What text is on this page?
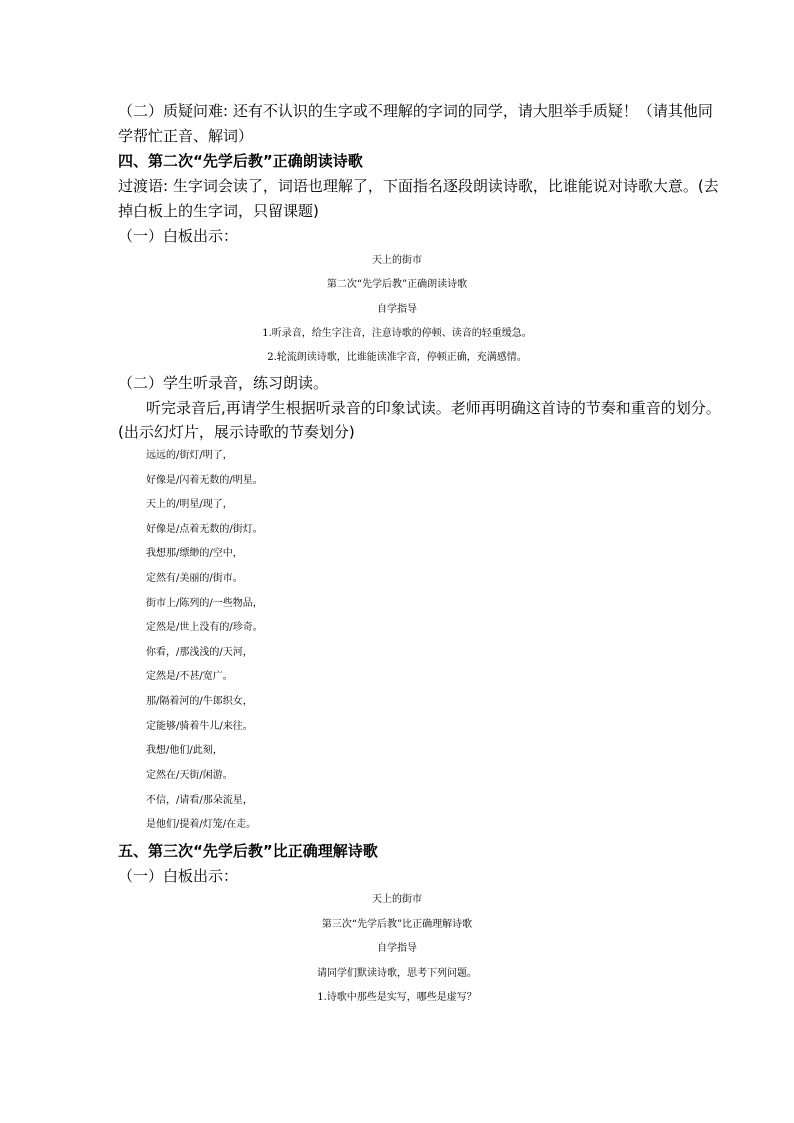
（二）质疑问难: 还有不认识的生字或不理解的字词的同学，请大胆举手质疑！（请其他同
学帮忙正音、解词）
四、第二次“先学后教”正确朗读诗歌
过渡语: 生字词会读了，词语也理解了，下面指名逐段朗读诗歌，比谁能说对诗歌大意。(去
掉白板上的生字词，只留课题)
（一）白板出示：
天上的街市
第二次“先学后教”正确朗读诗歌
自学指导
1.听录音，给生字注音，注意诗歌的停顿、读音的轻重缓急。
2.轮流朗读诗歌，比谁能读准字音，停顿正确，充满感情。
（二）学生听录音，练习朗读。
听完录音后,再请学生根据听录音的印象试读。老师再明确这首诗的节奏和重音的划分。
(出示幻灯片，展示诗歌的节奏划分)
远远的/街灯/明了，
好像是/闪着无数的/明星。
天上的/明星/现了，
好像是/点着无数的/街灯。
我想那/缥缈的/空中，
定然有/美丽的/街市。
街市上/陈列的/一些物品，
定然是/世上没有的/珍奇。
你看，/那浅浅的/天河，
定然是/不甚/宽广。
那/隔着河的/牛郎织女，
定能够/骑着牛儿/来往。
我想/他们/此刻，
定然在/天街/闲游。
不信，/请看/那朵流星，
是他们/提着/灯笼/在走。
五、第三次“先学后教”比正确理解诗歌
（一）白板出示：
天上的街市
第三次“先学后教”比正确理解诗歌
自学指导
请同学们默读诗歌，思考下列问题。
1.诗歌中那些是实写，哪些是虚写？
